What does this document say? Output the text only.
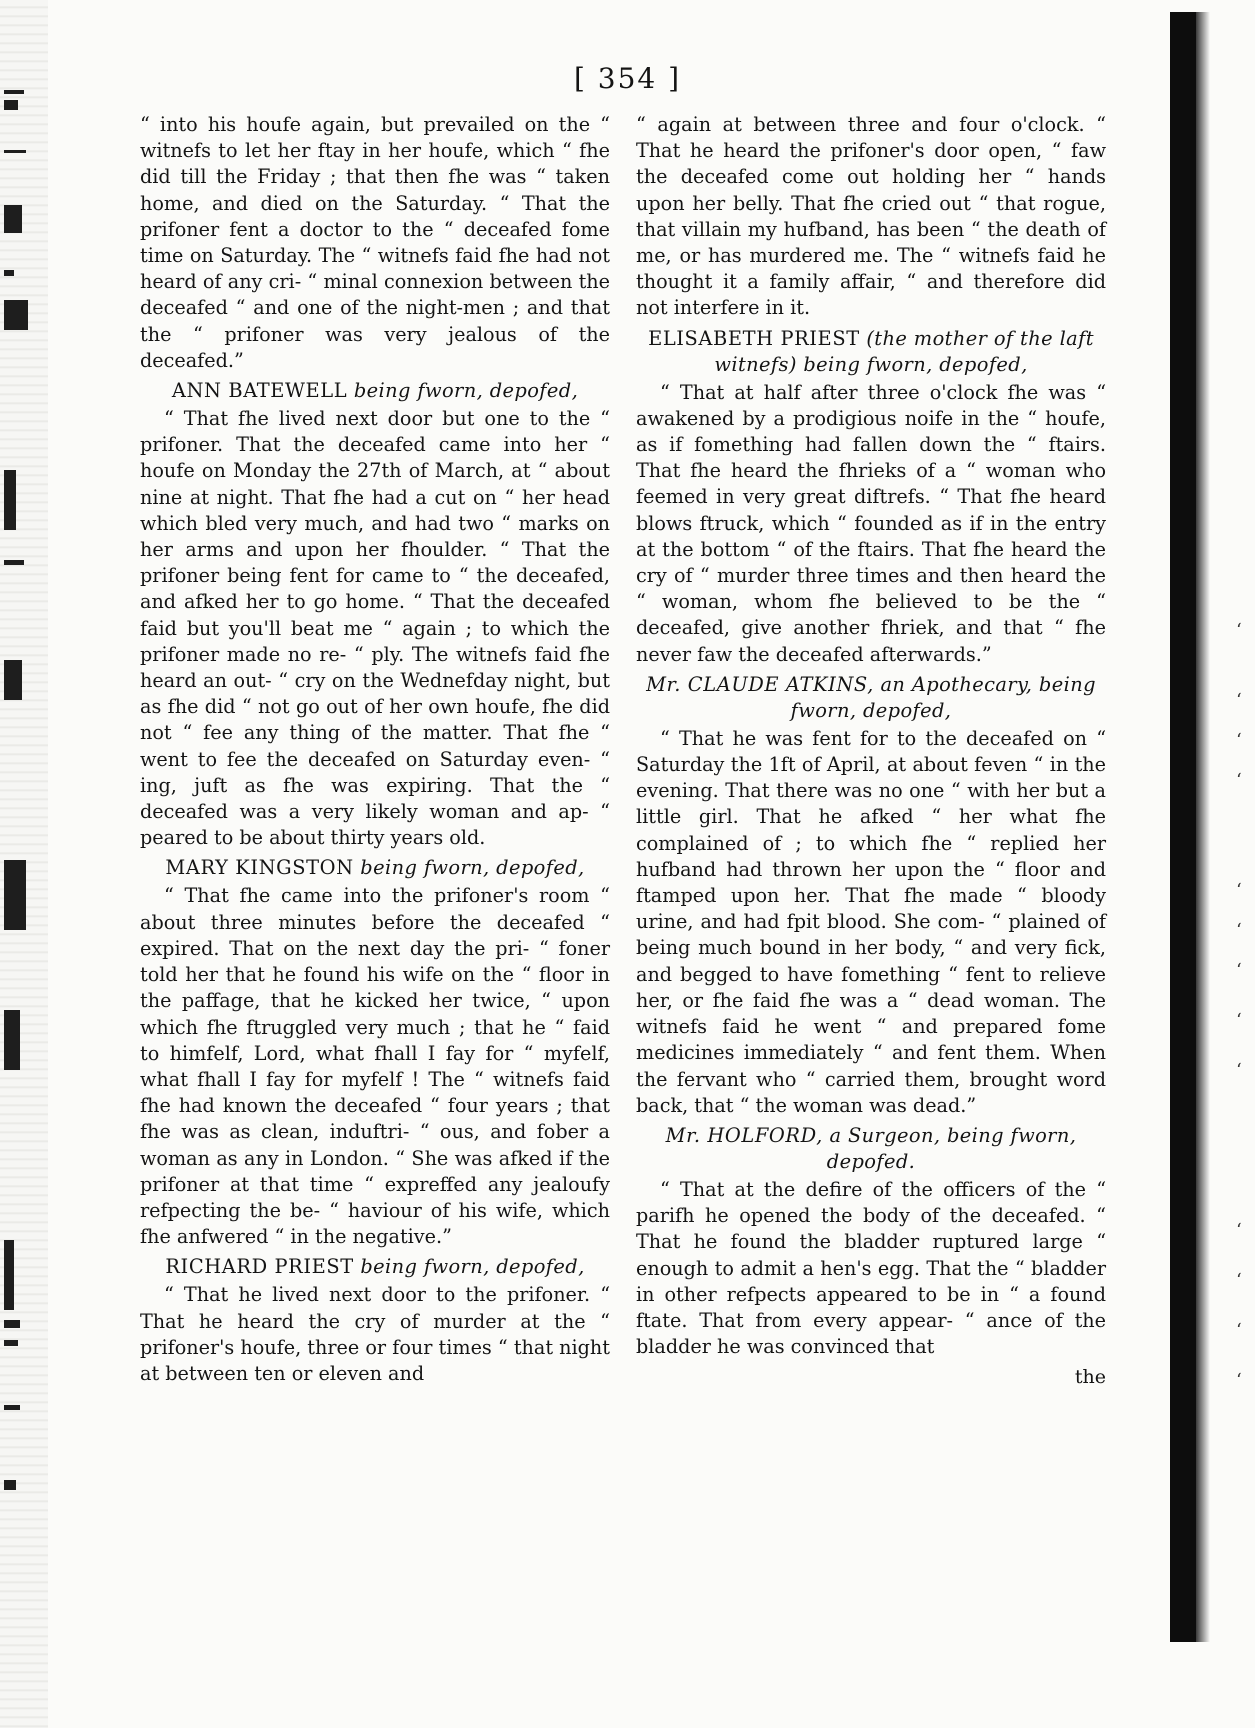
‘
‘
‘
‘
‘
‘
‘
‘
‘
‘
‘
‘
‘
[ 354 ]

“ into his houfe again, but prevailed on the “ witnefs to let her ftay in her houfe, which “ fhe did till the Friday ; that then fhe was “ taken home, and died on the Saturday. “ That the prifoner fent a doctor to the “ deceafed fome time on Saturday. The “ witnefs faid fhe had not heard of any cri- “ minal connexion between the deceafed “ and one of the night-men ; and that the “ prifoner was very jealous of the deceafed.”

ANN BATEWELL being fworn, depofed,

“ That fhe lived next door but one to the “ prifoner. That the deceafed came into her “ houfe on Monday the 27th of March, at “ about nine at night. That fhe had a cut on “ her head which bled very much, and had two “ marks on her arms and upon her fhoulder. “ That the prifoner being fent for came to “ the deceafed, and afked her to go home. “ That the deceafed faid but you'll beat me “ again ; to which the prifoner made no re- “ ply. The witnefs faid fhe heard an out- “ cry on the Wednefday night, but as fhe did “ not go out of her own houfe, fhe did not “ fee any thing of the matter. That fhe “ went to fee the deceafed on Saturday even- “ ing, juft as fhe was expiring. That the “ deceafed was a very likely woman and ap- “ peared to be about thirty years old.

MARY KINGSTON being fworn, depofed,

“ That fhe came into the prifoner's room “ about three minutes before the deceafed “ expired. That on the next day the pri- “ foner told her that he found his wife on the “ floor in the paffage, that he kicked her twice, “ upon which fhe ftruggled very much ; that he “ faid to himfelf, Lord, what fhall I fay for “ myfelf, what fhall I fay for myfelf ! The “ witnefs faid fhe had known the deceafed “ four years ; that fhe was as clean, induftri- “ ous, and fober a woman as any in London. “ She was afked if the prifoner at that time “ expreffed any jealoufy refpecting the be- “ haviour of his wife, which fhe anfwered “ in the negative.”

RICHARD PRIEST being fworn, depofed,

“ That he lived next door to the prifoner. “ That he heard the cry of murder at the “ prifoner's houfe, three or four times “ that night at between ten or eleven and

“ again at between three and four o'clock. “ That he heard the prifoner's door open, “ faw the deceafed come out holding her “ hands upon her belly. That fhe cried out “ that rogue, that villain my hufband, has been “ the death of me, or has murdered me. The “ witnefs faid he thought it a family affair, “ and therefore did not interfere in it.

ELISABETH PRIEST (the mother of the laft witnefs) being fworn, depofed,

“ That at half after three o'clock fhe was “ awakened by a prodigious noife in the “ houfe, as if fomething had fallen down the “ ftairs. That fhe heard the fhrieks of a “ woman who feemed in very great diftrefs. “ That fhe heard blows ftruck, which “ founded as if in the entry at the bottom “ of the ftairs. That fhe heard the cry of “ murder three times and then heard the “ woman, whom fhe believed to be the “ deceafed, give another fhriek, and that “ fhe never faw the deceafed afterwards.”

Mr. CLAUDE ATKINS, an Apothecary, being fworn, depofed,

“ That he was fent for to the deceafed on “ Saturday the 1ft of April, at about feven “ in the evening. That there was no one “ with her but a little girl. That he afked “ her what fhe complained of ; to which fhe “ replied her hufband had thrown her upon the “ floor and ftamped upon her. That fhe made “ bloody urine, and had fpit blood. She com- “ plained of being much bound in her body, “ and very fick, and begged to have fomething “ fent to relieve her, or fhe faid fhe was a “ dead woman. The witnefs faid he went “ and prepared fome medicines immediately “ and fent them. When the fervant who “ carried them, brought word back, that “ the woman was dead.”

Mr. HOLFORD, a Surgeon, being fworn, depofed.

“ That at the defire of the officers of the “ parifh he opened the body of the deceafed. “ That he found the bladder ruptured large “ enough to admit a hen's egg. That the “ bladder in other refpects appeared to be in “ a found ftate. That from every appear- “ ance of the bladder he was convinced that

the
